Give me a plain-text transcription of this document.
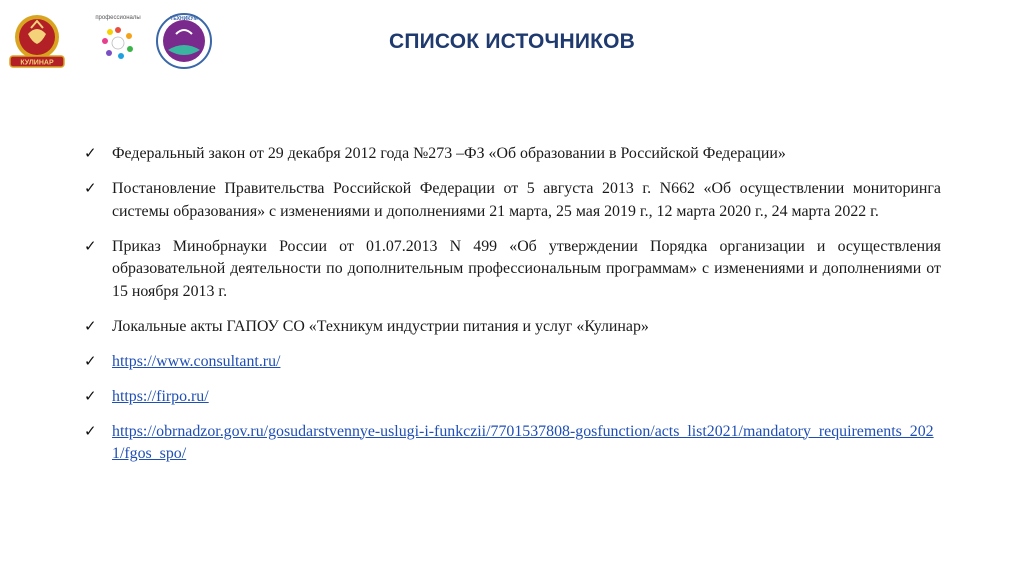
КУЛИНАР
профессионалы	ТЕХНИКУМ
СПИСОК ИСТОЧНИКОВ
✓ Федеральный закон от 29 декабря 2012 года №273 –ФЗ «Об образовании в Российской Федерации»
✓ Постановление Правительства Российской Федерации от 5 августа 2013 г. N662 «Об осуществлении мониторинга системы образования» с изменениями и дополнениями 21 марта, 25 мая 2019 г., 12 марта 2020 г., 24 марта 2022 г.
✓ Приказ Минобрнауки России от 01.07.2013 N 499 «Об утверждении Порядка организации и осуществления образовательной деятельности по дополнительным профессиональным программам» с изменениями и дополнениями от 15 ноября 2013 г.
✓ Локальные акты ГАПОУ СО «Техникум индустрии питания и услуг «Кулинар»
✓ https://www.consultant.ru/
✓ https://firpo.ru/
✓ https://obrnadzor.gov.ru/gosudarstvennye-uslugi-i-funkczii/7701537808-gosfunction/acts_list2021/mandatory_requirements_2021/fgos_spo/
